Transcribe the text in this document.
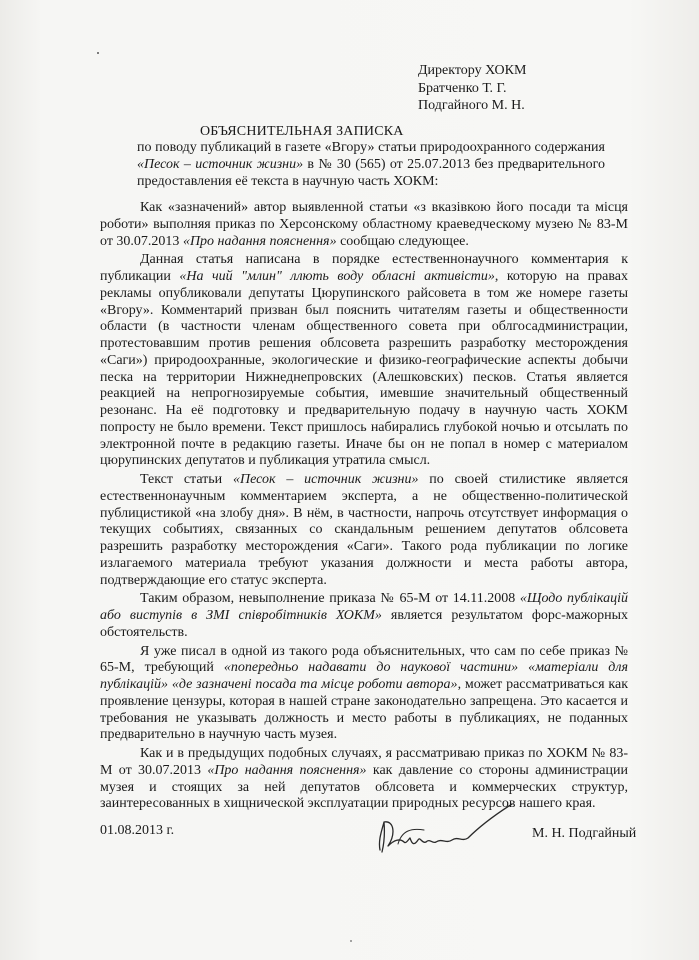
Директору ХОКМ
Братченко Т. Г.
Подгайного М. Н.
ОБЪЯСНИТЕЛЬНАЯ ЗАПИСКА
по поводу публикаций в газете «Вгору» статьи природоохранного содержания «Песок – источник жизни» в № 30 (565) от 25.07.2013 без предварительного предоставления её текста в научную часть ХОКМ:

Как «зазначений» автор выявленной статьи «з вказівкою його посади та місця роботи» выполняя приказ по Херсонскому областному краеведческому музею № 83-М от 30.07.2013 «Про надання пояснення» сообщаю следующее.

Данная статья написана в порядке естественнонаучного комментария к публикации «На чий "млин" ллють воду обласні активісти», которую на правах рекламы опубликовали депутаты Цюрупинского райсовета в том же номере газеты «Вгору». Комментарий призван был пояснить читателям газеты и общественности области (в частности членам общественного совета при облгосадминистрации, протестовавшим против решения облсовета разрешить разработку месторождения «Саги») природоохранные, экологические и физико-географические аспекты добычи песка на территории Нижнеднепровских (Алешковских) песков. Статья является реакцией на непрогнозируемые события, имевшие значительный общественный резонанс. На её подготовку и предварительную подачу в научную часть ХОКМ попросту не было времени. Текст пришлось набирались глубокой ночью и отсылать по электронной почте в редакцию газеты. Иначе бы он не попал в номер с материалом цюрупинских депутатов и публикация утратила смысл.

Текст статьи «Песок – источник жизни» по своей стилистике является естественнонаучным комментарием эксперта, а не общественно-политической публицистикой «на злобу дня». В нём, в частности, напрочь отсутствует информация о текущих событиях, связанных со скандальным решением депутатов облсовета разрешить разработку месторождения «Саги». Такого рода публикации по логике излагаемого материала требуют указания должности и места работы автора, подтверждающие его статус эксперта.

Таким образом, невыполнение приказа № 65-М от 14.11.2008 «Щодо публікацій або виступів в ЗМІ співробітників ХОКМ» является результатом форс-мажорных обстоятельств.

Я уже писал в одной из такого рода объяснительных, что сам по себе приказ № 65-М, требующий «попередньо надавати до наукової частини» «матеріали для публікацій» «де зазначені посада та місце роботи автора», может рассматриваться как проявление цензуры, которая в нашей стране законодательно запрещена. Это касается и требования не указывать должность и место работы в публикациях, не поданных предварительно в научную часть музея.

Как и в предыдущих подобных случаях, я рассматриваю приказ по ХОКМ № 83-М от 30.07.2013 «Про надання пояснення» как давление со стороны администрации музея и стоящих за ней депутатов облсовета и коммерческих структур, заинтересованных в хищнической эксплуатации природных ресурсов нашего края.

01.08.2013 г.	М. Н. Подгайный
